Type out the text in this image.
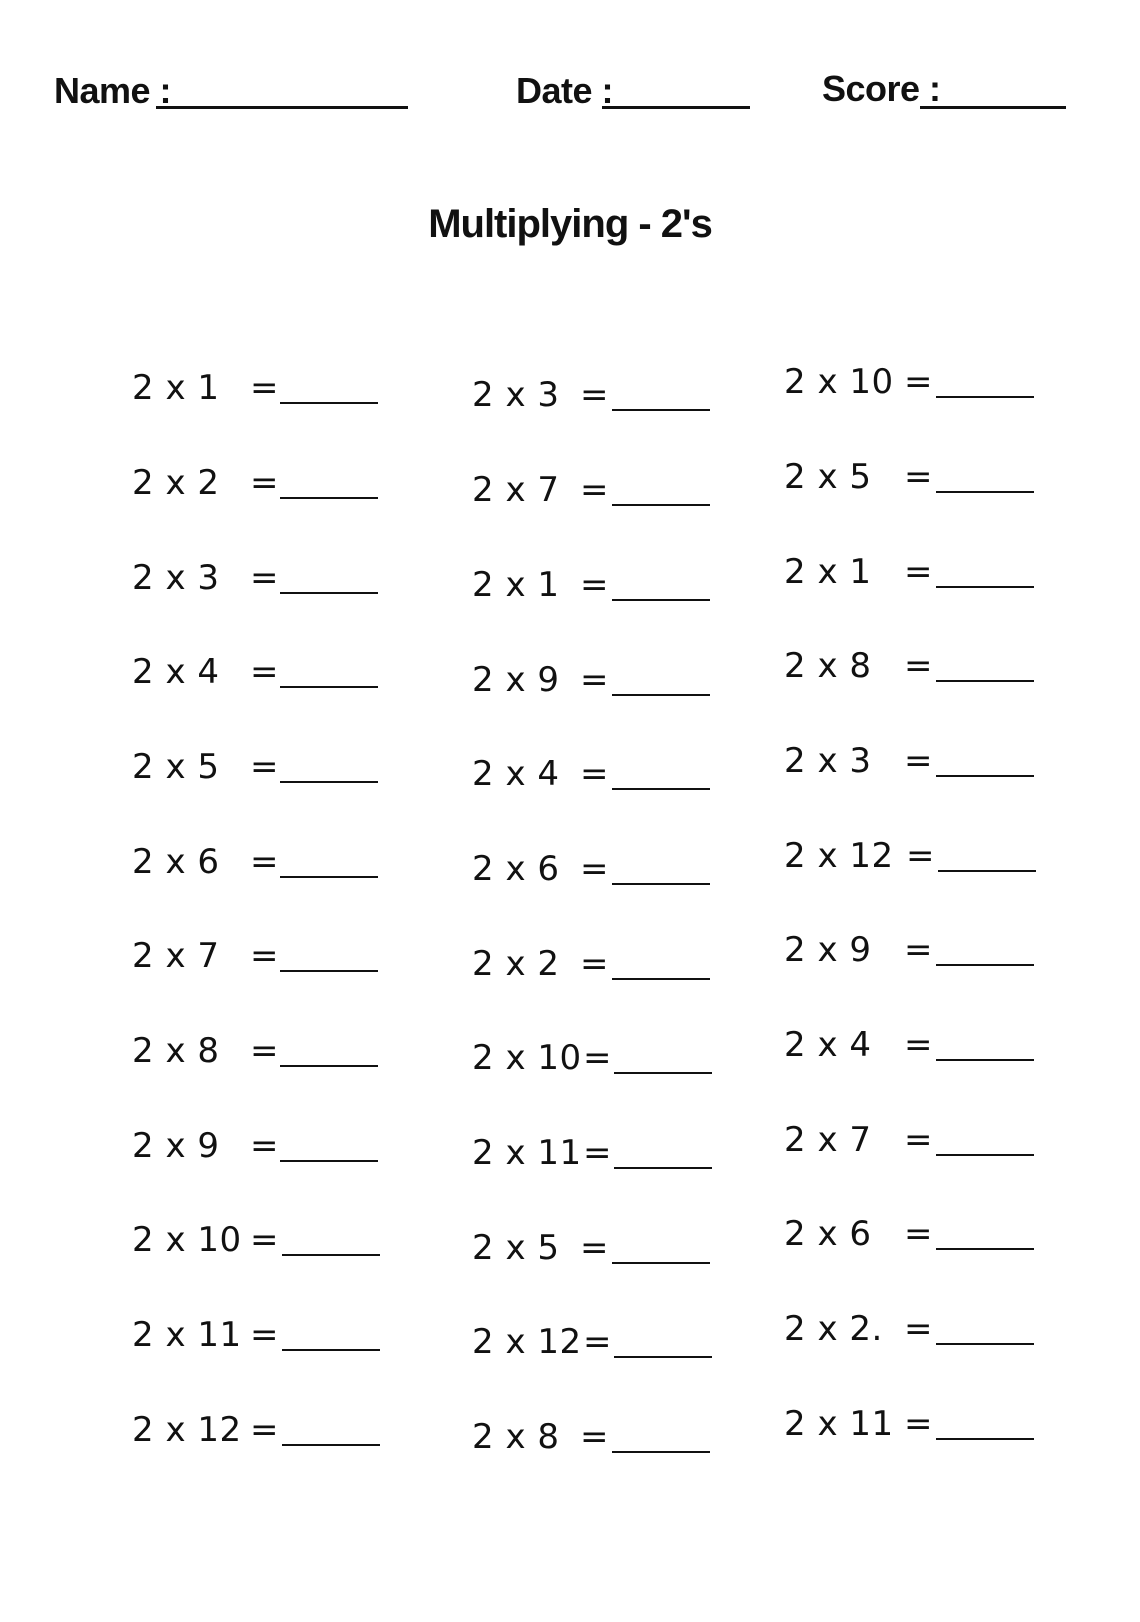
Name :	Date :	Score :
Multiplying - 2's
2 x 1 =
2 x 2 =
2 x 3 =
2 x 4 =
2 x 5 =
2 x 6 =
2 x 7 =
2 x 8 =
2 x 9 =
2 x 10 =
2 x 11 =
2 x 12 =
2 x 3 =
2 x 7 =
2 x 1 =
2 x 9 =
2 x 4 =
2 x 6 =
2 x 2 =
2 x 10 =
2 x 11 =
2 x 5 =
2 x 12 =
2 x 8 =
2 x 10 =
2 x 5 =
2 x 1 =
2 x 8 =
2 x 3 =
2 x 12 =
2 x 9 =
2 x 4 =
2 x 7 =
2 x 6 =
2 x 2. =
2 x 11 =
